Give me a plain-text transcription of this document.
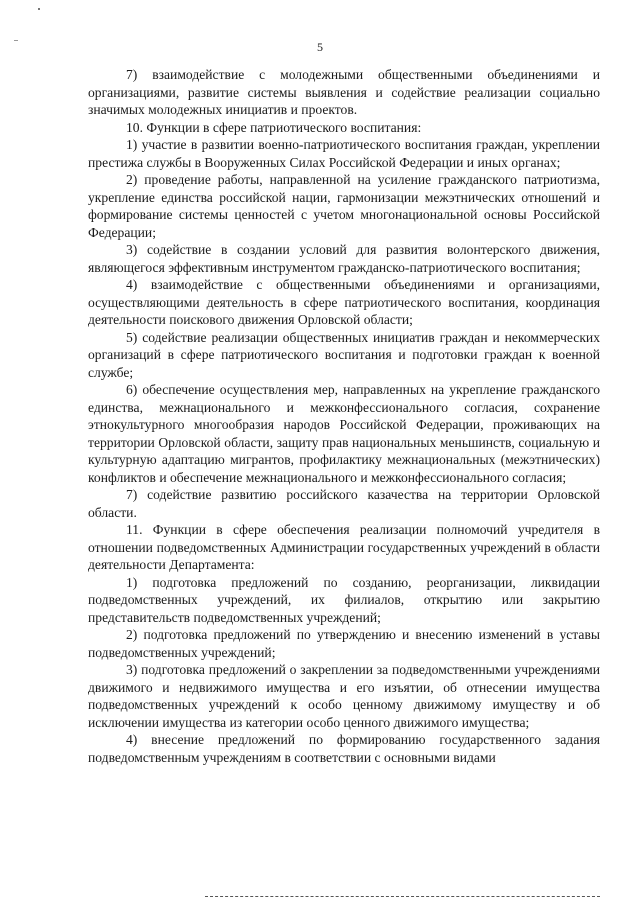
5

7) взаимодействие с молодежными общественными объединениями и организациями, развитие системы выявления и содействие реализации социально значимых молодежных инициатив и проектов.

10. Функции в сфере патриотического воспитания:

1) участие в развитии военно-патриотического воспитания граждан, укреплении престижа службы в Вооруженных Силах Российской Федерации и иных органах;

2) проведение работы, направленной на усиление гражданского патриотизма, укрепление единства российской нации, гармонизации межэтнических отношений и формирование системы ценностей с учетом многонациональной основы Российской Федерации;

3) содействие в создании условий для развития волонтерского движения, являющегося эффективным инструментом гражданско-патриотического воспитания;

4) взаимодействие с общественными объединениями и организациями, осуществляющими деятельность в сфере патриотического воспитания, координация деятельности поискового движения Орловской области;

5) содействие реализации общественных инициатив граждан и некоммерческих организаций в сфере патриотического воспитания и подготовки граждан к военной службе;

6) обеспечение осуществления мер, направленных на укрепление гражданского единства, межнационального и межконфессионального согласия, сохранение этнокультурного многообразия народов Российской Федерации, проживающих на территории Орловской области, защиту прав национальных меньшинств, социальную и культурную адаптацию мигрантов, профилактику межнациональных (межэтнических) конфликтов и обеспечение межнационального и межконфессионального согласия;

7) содействие развитию российского казачества на территории Орловской области.

11. Функции в сфере обеспечения реализации полномочий учредителя в отношении подведомственных Администрации государственных учреждений в области деятельности Департамента:

1) подготовка предложений по созданию, реорганизации, ликвидации подведомственных учреждений, их филиалов, открытию или закрытию представительств подведомственных учреждений;

2) подготовка предложений по утверждению и внесению изменений в уставы подведомственных учреждений;

3) подготовка предложений о закреплении за подведомственными учреждениями движимого и недвижимого имущества и его изъятии, об отнесении имущества подведомственных учреждений к особо ценному движимому имуществу и об исключении имущества из категории особо ценного движимого имущества;

4) внесение предложений по формированию государственного задания подведомственным учреждениям в соответствии с основными видами
